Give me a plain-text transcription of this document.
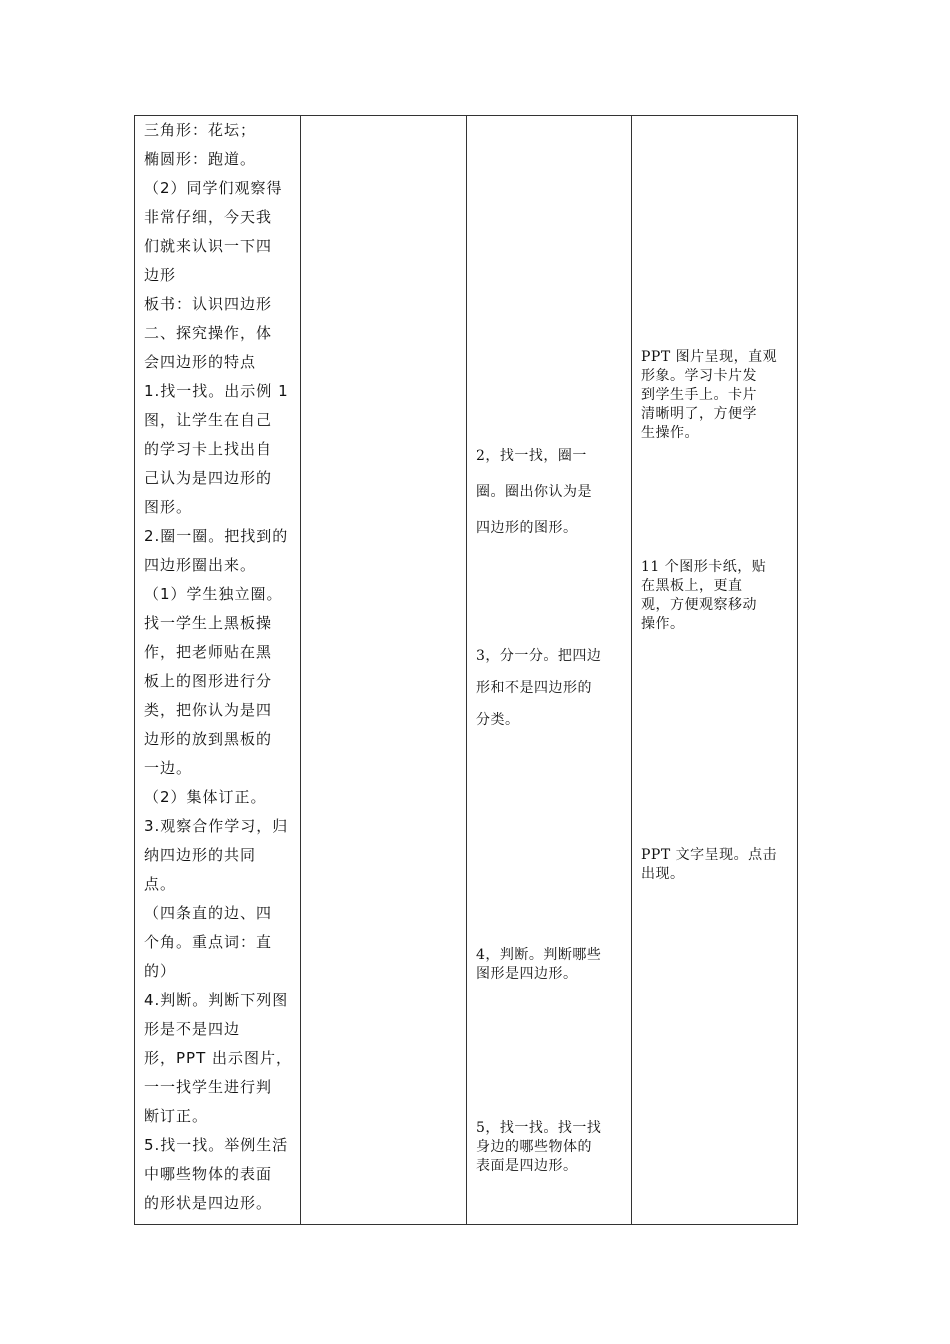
三角形：花坛；
椭圆形：跑道。
（2）同学们观察得
非常仔细，今天我
们就来认识一下四
边形
板书：认识四边形
二、探究操作，体
会四边形的特点
1.找一找。出示例 1
图，让学生在自己
的学习卡上找出自
己认为是四边形的
图形。
2.圈一圈。把找到的
四边形圈出来。
（1）学生独立圈。
找一学生上黑板操
作，把老师贴在黑
板上的图形进行分
类，把你认为是四
边形的放到黑板的
一边。
（2）集体订正。
3.观察合作学习，归
纳四边形的共同
点。
（四条直的边、四
个角。重点词：直
的）
4.判断。判断下列图
形是不是四边
形，PPT 出示图片，
一一找学生进行判
断订正。
5.找一找。举例生活
中哪些物体的表面
的形状是四边形。
2，找一找，圈一
圈。圈出你认为是
四边形的图形。
3，分一分。把四边
形和不是四边形的
分类。
4，判断。判断哪些
图形是四边形。
5，找一找。找一找
身边的哪些物体的
表面是四边形。
PPT 图片呈现，直观
形象。学习卡片发
到学生手上。卡片
清晰明了，方便学
生操作。
11 个图形卡纸，贴
在黑板上，更直
观，方便观察移动
操作。
PPT 文字呈现。点击
出现。
